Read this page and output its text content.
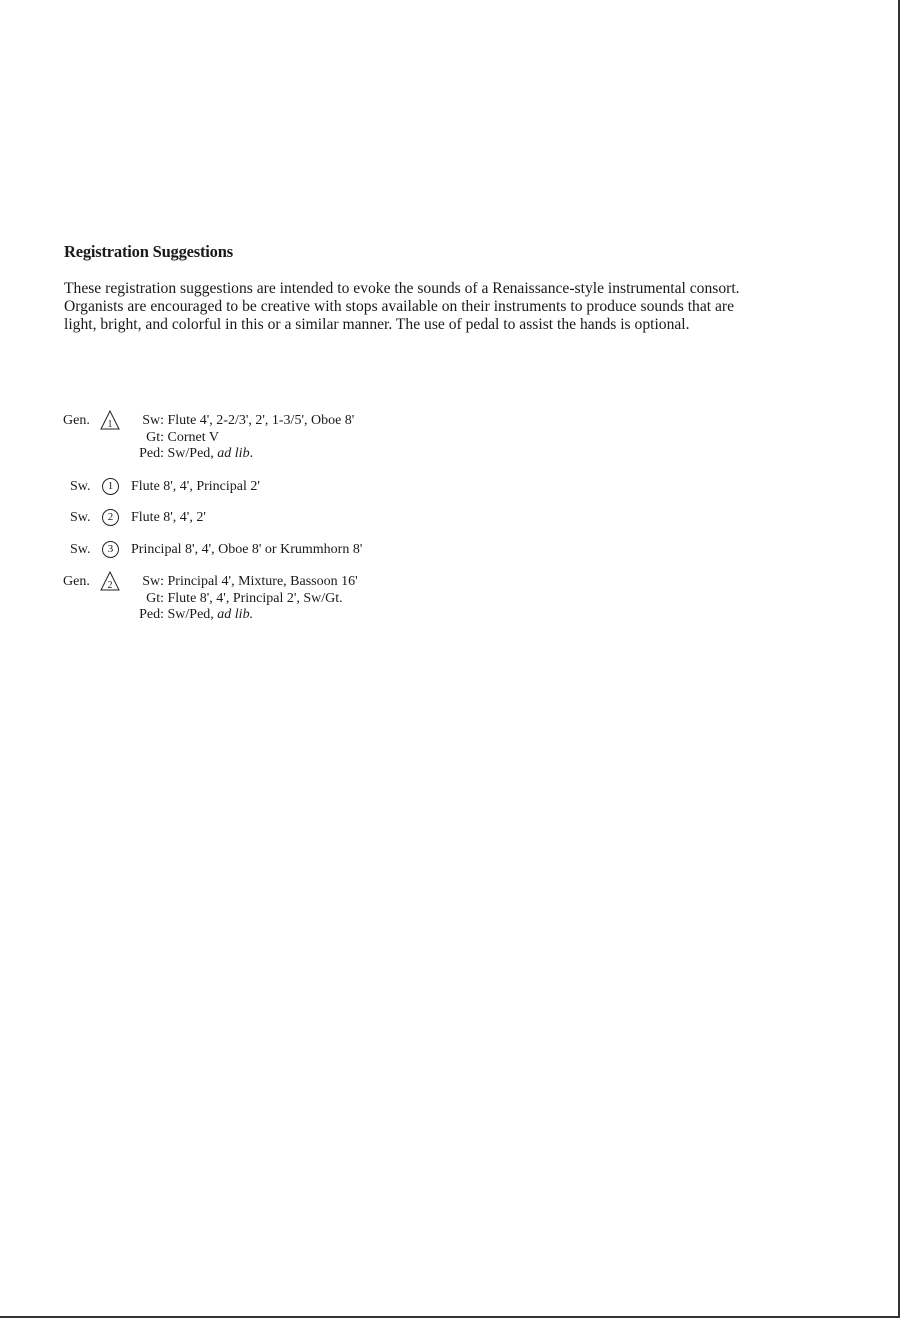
Registration Suggestions

These registration suggestions are intended to evoke the sounds of a Renaissance-style instrumental consort.
Organists are encouraged to be creative with stops available on their instruments to produce sounds that are
light, bright, and colorful in this or a similar manner. The use of pedal to assist the hands is optional.

Gen. 1	Sw: Flute 4', 2-2/3', 2', 1-3/5', Oboe 8'
Gt: Cornet V
Ped: Sw/Ped, ad lib.
Sw.	1	Flute 8', 4', Principal 2'
Sw.	2	Flute 8', 4', 2'
Sw.	3	Principal 8', 4', Oboe 8' or Krummhorn 8'
Gen. 2	Sw: Principal 4', Mixture, Bassoon 16'
Gt: Flute 8', 4', Principal 2', Sw/Gt.
Ped: Sw/Ped, ad lib.
